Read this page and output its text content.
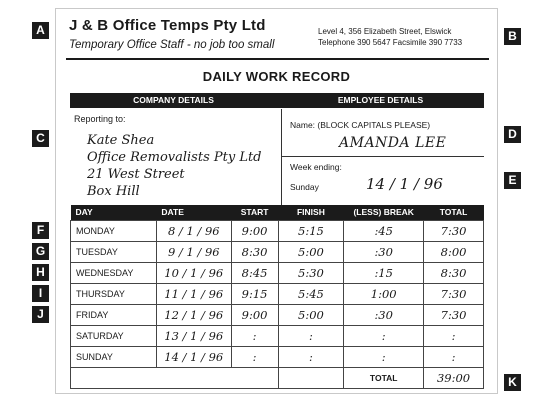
A	B
C	D
E
F
G
H
I
J
K
J & B Office Temps Pty Ltd
Temporary Office Staff - no job too small
Level 4, 356 Elizabeth Street, Elswick
Telephone 390 5647 Facsimile 390 7733
DAILY WORK RECORD
COMPANY DETAILS	EMPLOYEE DETAILS
Reporting to:
Kate Shea
Office Removalists Pty Ltd
21 West Street
Box Hill
Name: (BLOCK CAPITALS PLEASE)
AMANDA LEE
Week ending:
Sunday	14 / 1 / 96
DAY	DATE	START	FINISH	(LESS) BREAK	TOTAL
MONDAY	8 / 1 / 96	9:00	5:15	:45	7:30
TUESDAY	9 / 1 / 96	8:30	5:00	:30	8:00
WEDNESDAY	10 / 1 / 96	8:45	5:30	:15	8:30
THURSDAY	11 / 1 / 96	9:15	5:45	1:00	7:30
FRIDAY	12 / 1 / 96	9:00	5:00	:30	7:30
SATURDAY	13 / 1 / 96	:	:	:	:
SUNDAY	14 / 1 / 96	:	:	:	:
				TOTAL	39:00
